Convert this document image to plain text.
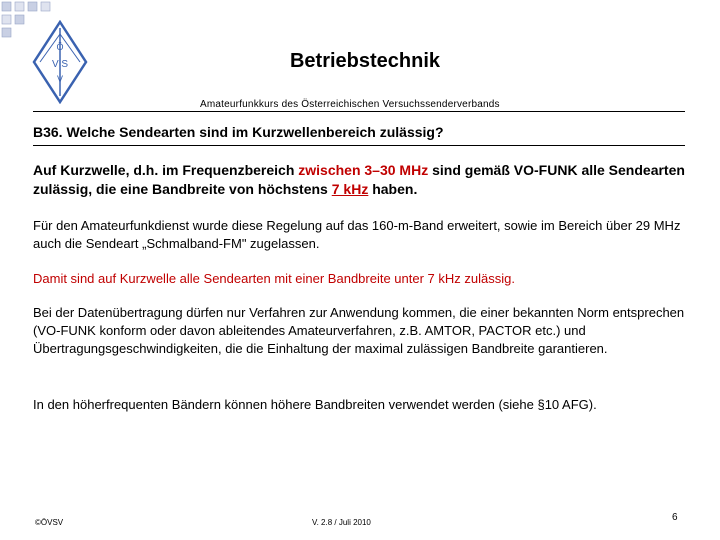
Ö
V S
V
Betriebstechnik
Amateurfunkkurs des Österreichischen Versuchssenderverbands
B36. Welche Sendearten sind im Kurzwellenbereich zulässig?
Auf Kurzwelle, d.h. im Frequenzbereich zwischen 3–30 MHz sind gemäß VO-FUNK alle Sendearten zulässig, die eine Bandbreite von höchstens 7 kHz haben.
Für den Amateurfunkdienst wurde diese Regelung auf das 160-m-Band erweitert, sowie im Bereich über 29 MHz auch die Sendeart „Schmalband-FM" zugelassen.
Damit sind auf Kurzwelle alle Sendearten mit einer Bandbreite unter 7 kHz zulässig.
Bei der Datenübertragung dürfen nur Verfahren zur Anwendung kommen, die einer bekannten Norm entsprechen (VO-FUNK konform oder davon ableitendes Amateurverfahren, z.B. AMTOR, PACTOR etc.) und Übertragungsgeschwindigkeiten, die die Einhaltung der maximal zulässigen Bandbreite garantieren.
In den höherfrequenten Bändern können höhere Bandbreiten verwendet werden (siehe §10 AFG).
©ÖVSV	V. 2.8 / Juli 2010	6
